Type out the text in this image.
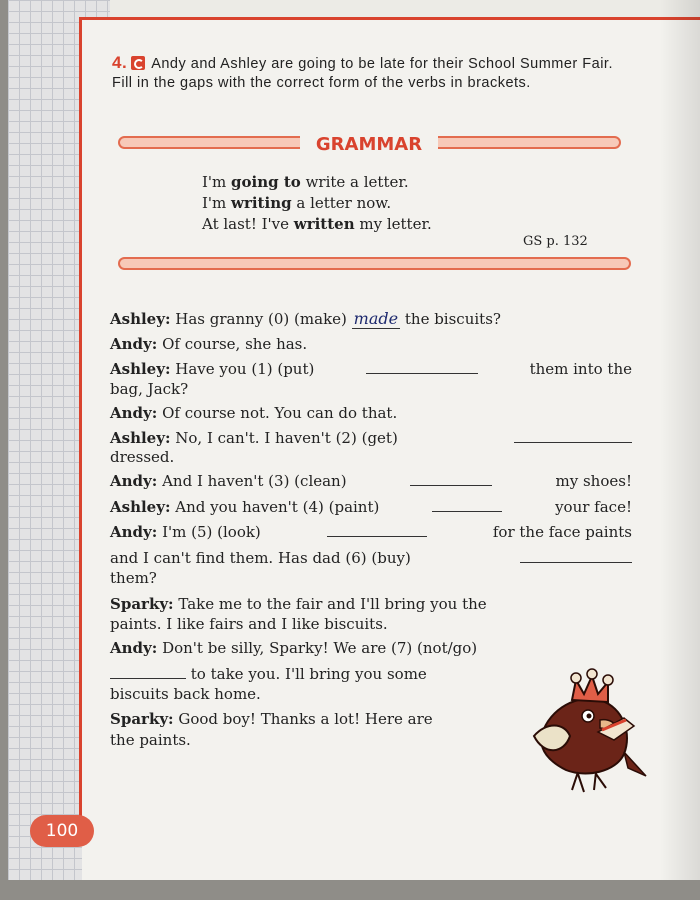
4. Andy and Ashley are going to be late for their School Summer Fair. Fill in the gaps with the correct form of the verbs in brackets.
GRAMMAR
I'm going to write a letter.
I'm writing a letter now.
At last! I've written my letter.
GS p. 132
Ashley: Has granny (0) (make) made the biscuits?
Andy: Of course, she has.
Ashley: Have you (1) (put)	them into the
bag, Jack?
Andy: Of course not. You can do that.
Ashley: No, I can't. I haven't (2) (get)
dressed.
Andy: And I haven't (3) (clean)	my shoes!
Ashley: And you haven't (4) (paint)	your face!
Andy: I'm (5) (look)	for the face paints
and I can't find them. Has dad (6) (buy)
them?
Sparky: Take me to the fair and I'll bring you the
paints. I like fairs and I like biscuits.
Andy: Don't be silly, Sparky! We are (7) (not/go)
to take you. I'll bring you some
biscuits back home.
Sparky: Good boy! Thanks a lot! Here are
the paints.
100
